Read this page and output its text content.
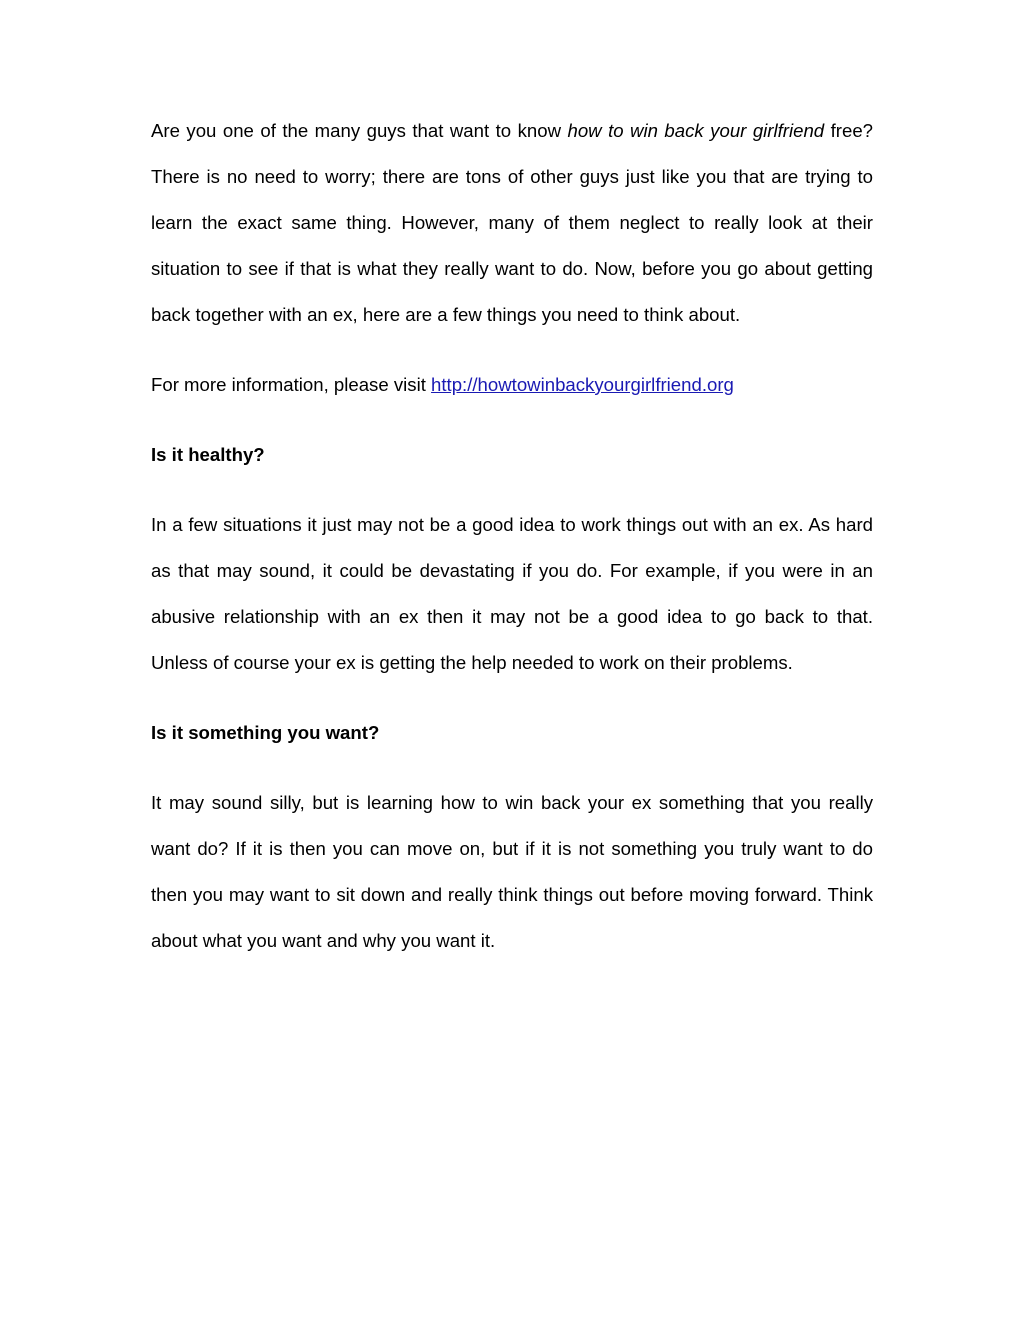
Are you one of the many guys that want to know how to win back your girlfriend free? There is no need to worry; there are tons of other guys just like you that are trying to learn the exact same thing. However, many of them neglect to really look at their situation to see if that is what they really want to do. Now, before you go about getting back together with an ex, here are a few things you need to think about.

For more information, please visit http://howtowinbackyourgirlfriend.org

Is it healthy?

In a few situations it just may not be a good idea to work things out with an ex. As hard as that may sound, it could be devastating if you do. For example, if you were in an abusive relationship with an ex then it may not be a good idea to go back to that. Unless of course your ex is getting the help needed to work on their problems.

Is it something you want?

It may sound silly, but is learning how to win back your ex something that you really want do? If it is then you can move on, but if it is not something you truly want to do then you may want to sit down and really think things out before moving forward. Think about what you want and why you want it.
